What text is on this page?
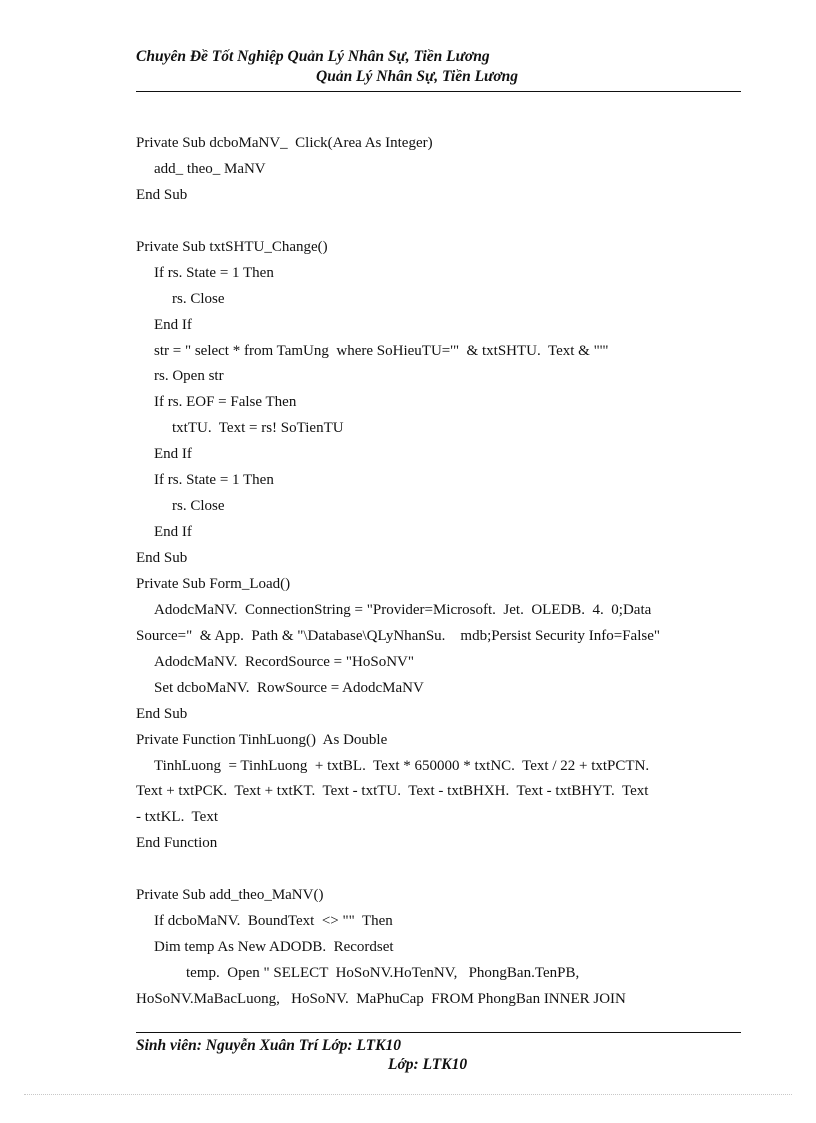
Chuyên Đề Tốt Nghiệp Quản Lý Nhân Sự, Tiền Lương
Quản Lý Nhân Sự, Tiền Lương
Private Sub dcboMaNV_  Click(Area As Integer)
add_ theo_ MaNV
End Sub
Private Sub txtSHTU_Change()
If rs. State = 1 Then
rs. Close
End If
str = " select * from TamUng  where SoHieuTU='"  & txtSHTU.  Text & "'"
rs. Open str
If rs. EOF = False Then
txtTU.  Text = rs! SoTienTU
End If
If rs. State = 1 Then
rs. Close
End If
End Sub
Private Sub Form_Load()
AdodcMaNV.  ConnectionString = "Provider=Microsoft.  Jet.  OLEDB.  4.  0;Data
Source="  & App.  Path & "\Database\QLyNhanSu.    mdb;Persist Security Info=False"
AdodcMaNV.  RecordSource = "HoSoNV"
Set dcboMaNV.  RowSource = AdodcMaNV
End Sub
Private Function TinhLuong()  As Double
TinhLuong  = TinhLuong  + txtBL.  Text * 650000 * txtNC.  Text / 22 + txtPCTN.
Text + txtPCK.  Text + txtKT.  Text - txtTU.  Text - txtBHXH.  Text - txtBHYT.  Text
- txtKL.  Text
End Function
Private Sub add_theo_MaNV()
If dcboMaNV.  BoundText  <> ""  Then
Dim temp As New ADODB.  Recordset
temp.  Open " SELECT  HoSoNV.HoTenNV,   PhongBan.TenPB,
HoSoNV.MaBacLuong,   HoSoNV.  MaPhuCap  FROM PhongBan INNER JOIN
Sinh viên: Nguyễn Xuân Trí Lớp: LTK10
Lớp: LTK10
